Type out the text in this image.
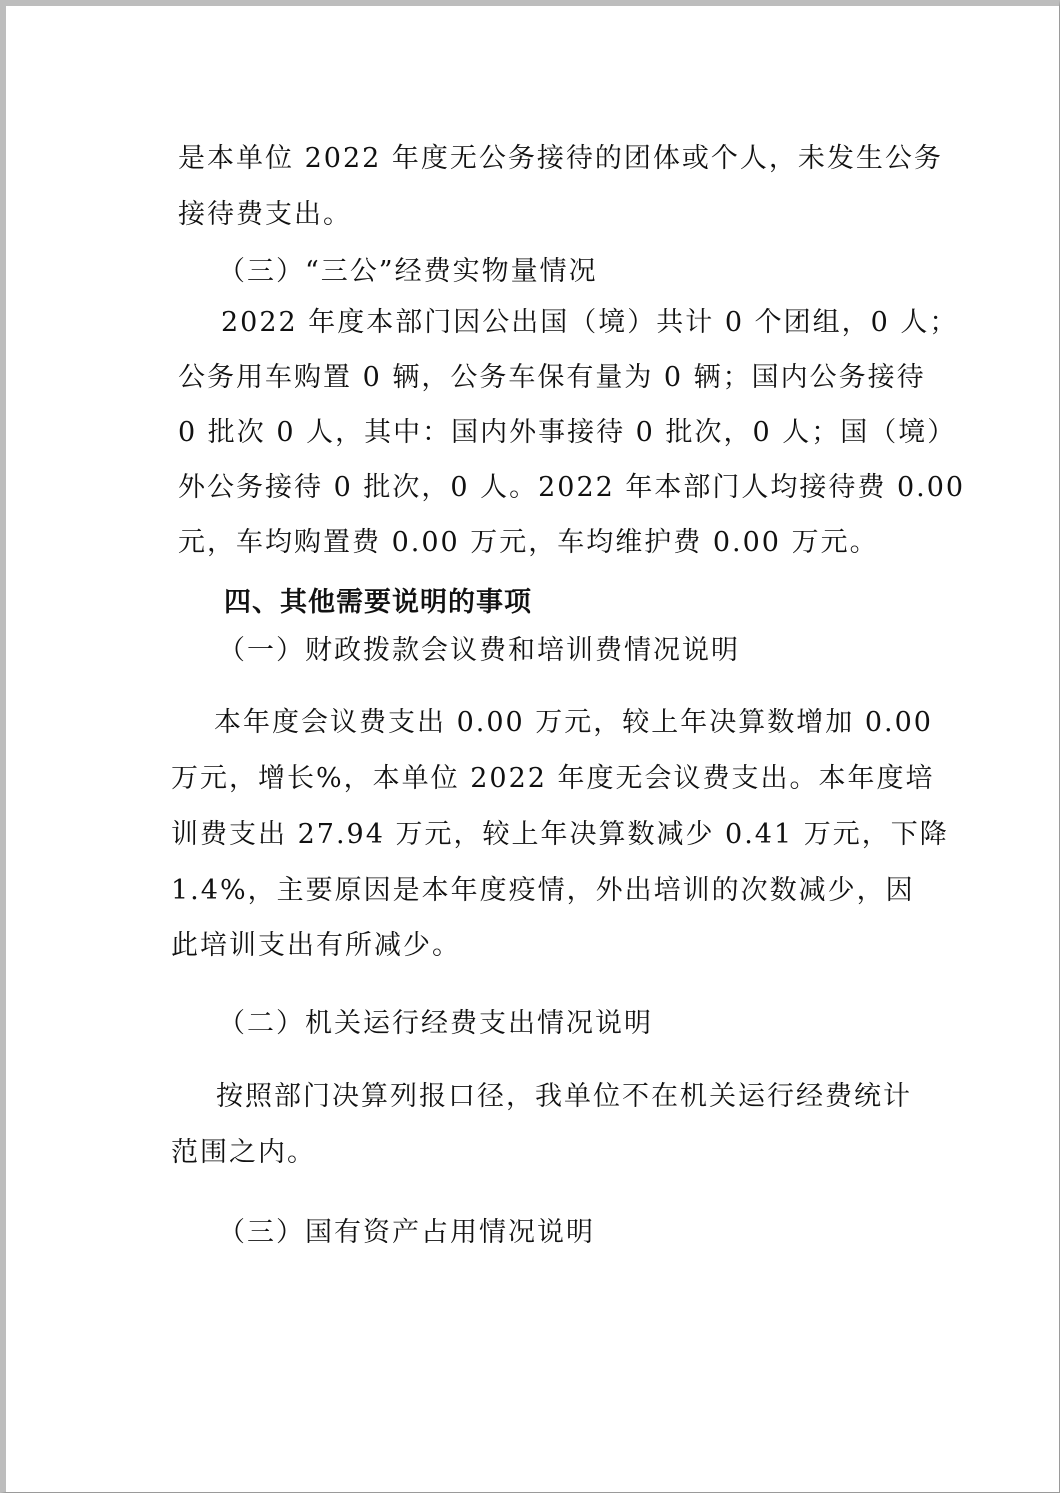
是本单位 2022 年度无公务接待的团体或个人，未发生公务
接待费支出。
（三）“三公”经费实物量情况
2022 年度本部门因公出国（境）共计 0 个团组，0 人；
公务用车购置 0 辆，公务车保有量为 0 辆；国内公务接待
0 批次 0 人，其中：国内外事接待 0 批次，0 人；国（境）
外公务接待 0 批次，0 人。2022 年本部门人均接待费 0.00
元，车均购置费 0.00 万元，车均维护费 0.00 万元。
四、其他需要说明的事项
（一）财政拨款会议费和培训费情况说明
本年度会议费支出 0.00 万元，较上年决算数增加 0.00
万元，增长%，本单位 2022 年度无会议费支出。本年度培
训费支出 27.94 万元，较上年决算数减少 0.41 万元，下降
1.4%，主要原因是本年度疫情，外出培训的次数减少，因
此培训支出有所减少。
（二）机关运行经费支出情况说明
按照部门决算列报口径，我单位不在机关运行经费统计
范围之内。
（三）国有资产占用情况说明
